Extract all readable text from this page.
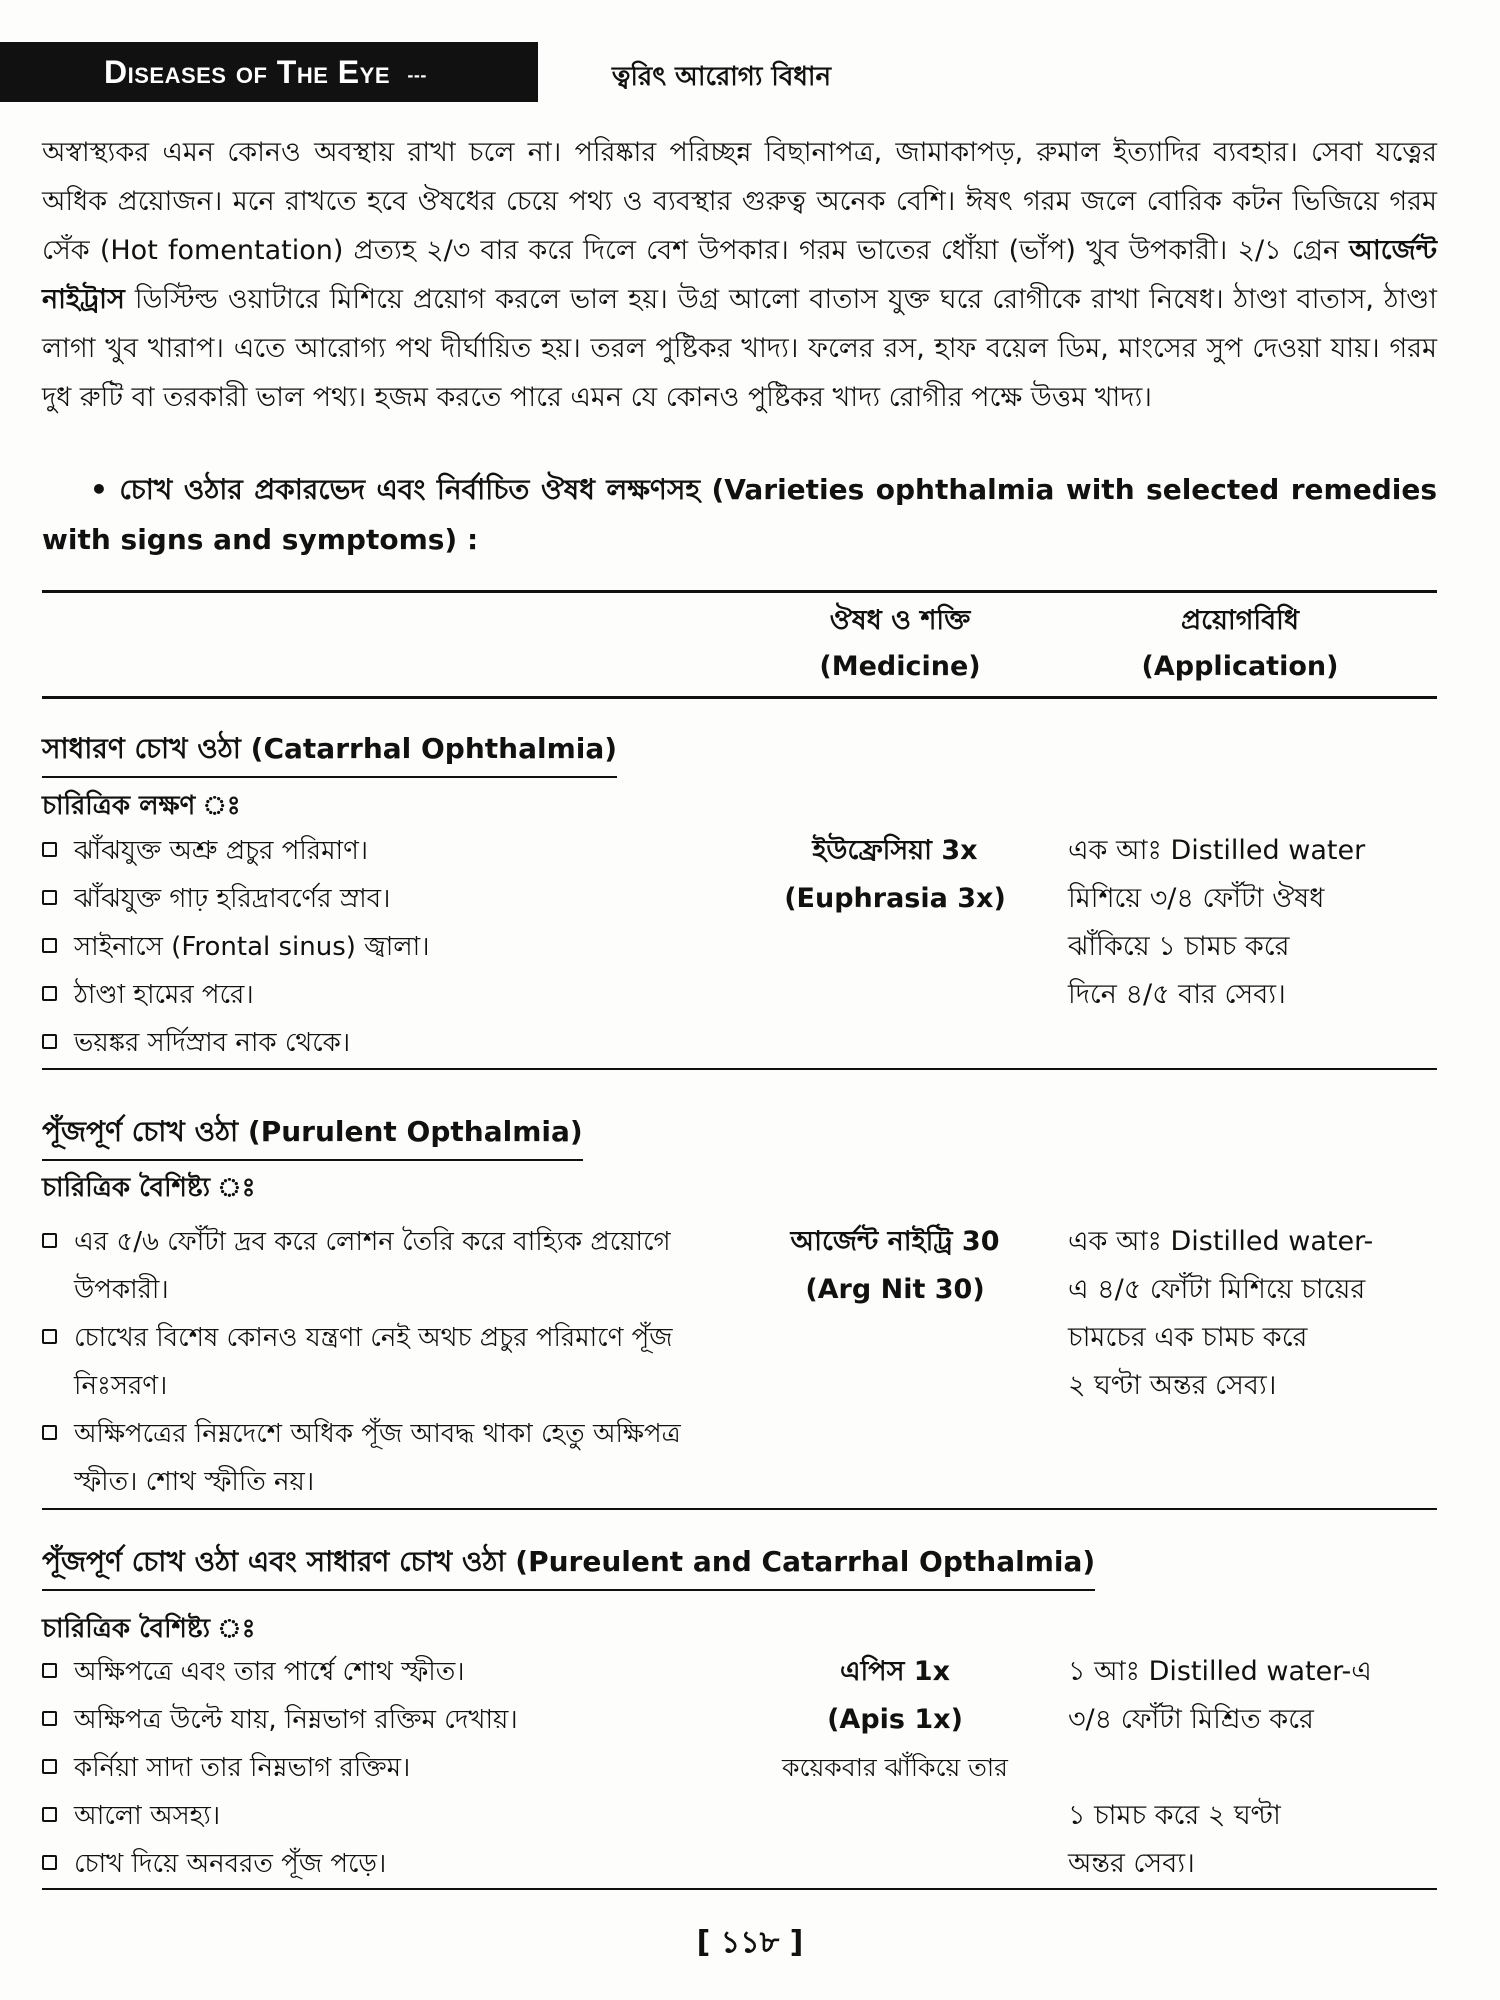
Diseases of The Eye ---	ত্বরিৎ আরোগ্য বিধান

অস্বাস্থ্যকর এমন কোনও অবস্থায় রাখা চলে না। পরিষ্কার পরিচ্ছন্ন বিছানাপত্র, জামাকাপড়, রুমাল ইত্যাদির ব্যবহার। সেবা যত্নের অধিক প্রয়োজন। মনে রাখতে হবে ঔষধের চেয়ে পথ্য ও ব্যবস্থার গুরুত্ব অনেক বেশি। ঈষৎ গরম জলে বোরিক কটন ভিজিয়ে গরম সেঁক (Hot fomentation) প্রত্যহ ২/৩ বার করে দিলে বেশ উপকার। গরম ভাতের ধোঁয়া (ভাঁপ) খুব উপকারী। ২/১ গ্রেন আর্জেন্ট নাইট্রাস ডিস্টিল্ড ওয়াটারে মিশিয়ে প্রয়োগ করলে ভাল হয়। উগ্র আলো বাতাস যুক্ত ঘরে রোগীকে রাখা নিষেধ। ঠাণ্ডা বাতাস, ঠাণ্ডা লাগা খুব খারাপ। এতে আরোগ্য পথ দীর্ঘায়িত হয়। তরল পুষ্টিকর খাদ্য। ফলের রস, হাফ বয়েল ডিম, মাংসের সুপ দেওয়া যায়। গরম দুধ রুটি বা তরকারী ভাল পথ্য। হজম করতে পারে এমন যে কোনও পুষ্টিকর খাদ্য রোগীর পক্ষে উত্তম খাদ্য।

• চোখ ওঠার প্রকারভেদ এবং নির্বাচিত ঔষধ লক্ষণসহ (Varieties ophthalmia with selected remedies with signs and symptoms) :
ঔষধ ও শক্তি
(Medicine)
প্রয়োগবিধি
(Application)
সাধারণ চোখ ওঠা (Catarrhal Ophthalmia)
চারিত্রিক লক্ষণ ঃ
ঝাঁঝযুক্ত অশ্রু প্রচুর পরিমাণ।
ঝাঁঝযুক্ত গাঢ় হরিদ্রাবর্ণের স্রাব।
সাইনাসে (Frontal sinus) জ্বালা।
ঠাণ্ডা হামের পরে।
ভয়ঙ্কর সর্দিস্রাব নাক থেকে।
ইউফ্রেসিয়া 3x
(Euphrasia 3x)

এক আঃ Distilled water

মিশিয়ে ৩/৪ ফোঁটা ঔষধ

ঝাঁকিয়ে ১ চামচ করে

দিনে ৪/৫ বার সেব্য।

পূঁজপূর্ণ চোখ ওঠা (Purulent Opthalmia)
চারিত্রিক বৈশিষ্ট্য ঃ
এর ৫/৬ ফোঁটা দ্রব করে লোশন তৈরি করে বাহ্যিক প্রয়োগে উপকারী।
চোখের বিশেষ কোনও যন্ত্রণা নেই অথচ প্রচুর পরিমাণে পূঁজ নিঃসরণ।
অক্ষিপত্রের নিম্নদেশে অধিক পূঁজ আবদ্ধ থাকা হেতু অক্ষিপত্র স্ফীত। শোথ স্ফীতি নয়।
আর্জেন্ট নাইট্রি 30
(Arg Nit 30)

এক আঃ Distilled water-

এ ৪/৫ ফোঁটা মিশিয়ে চায়ের

চামচের এক চামচ করে

২ ঘণ্টা অন্তর সেব্য।

পূঁজপূর্ণ চোখ ওঠা এবং সাধারণ চোখ ওঠা (Pureulent and Catarrhal Opthalmia)
চারিত্রিক বৈশিষ্ট্য ঃ
অক্ষিপত্রে এবং তার পার্শ্বে শোথ স্ফীত।
অক্ষিপত্র উল্টে যায়, নিম্নভাগ রক্তিম দেখায়।
কর্নিয়া সাদা তার নিম্নভাগ রক্তিম।
আলো অসহ্য।
চোখ দিয়ে অনবরত পূঁজ পড়ে।
এপিস 1x
(Apis 1x)
কয়েকবার ঝাঁকিয়ে তার

১ আঃ Distilled water-এ

৩/৪ ফোঁটা মিশ্রিত করে

১ চামচ করে ২ ঘণ্টা

অন্তর সেব্য।

[ ১১৮ ]
